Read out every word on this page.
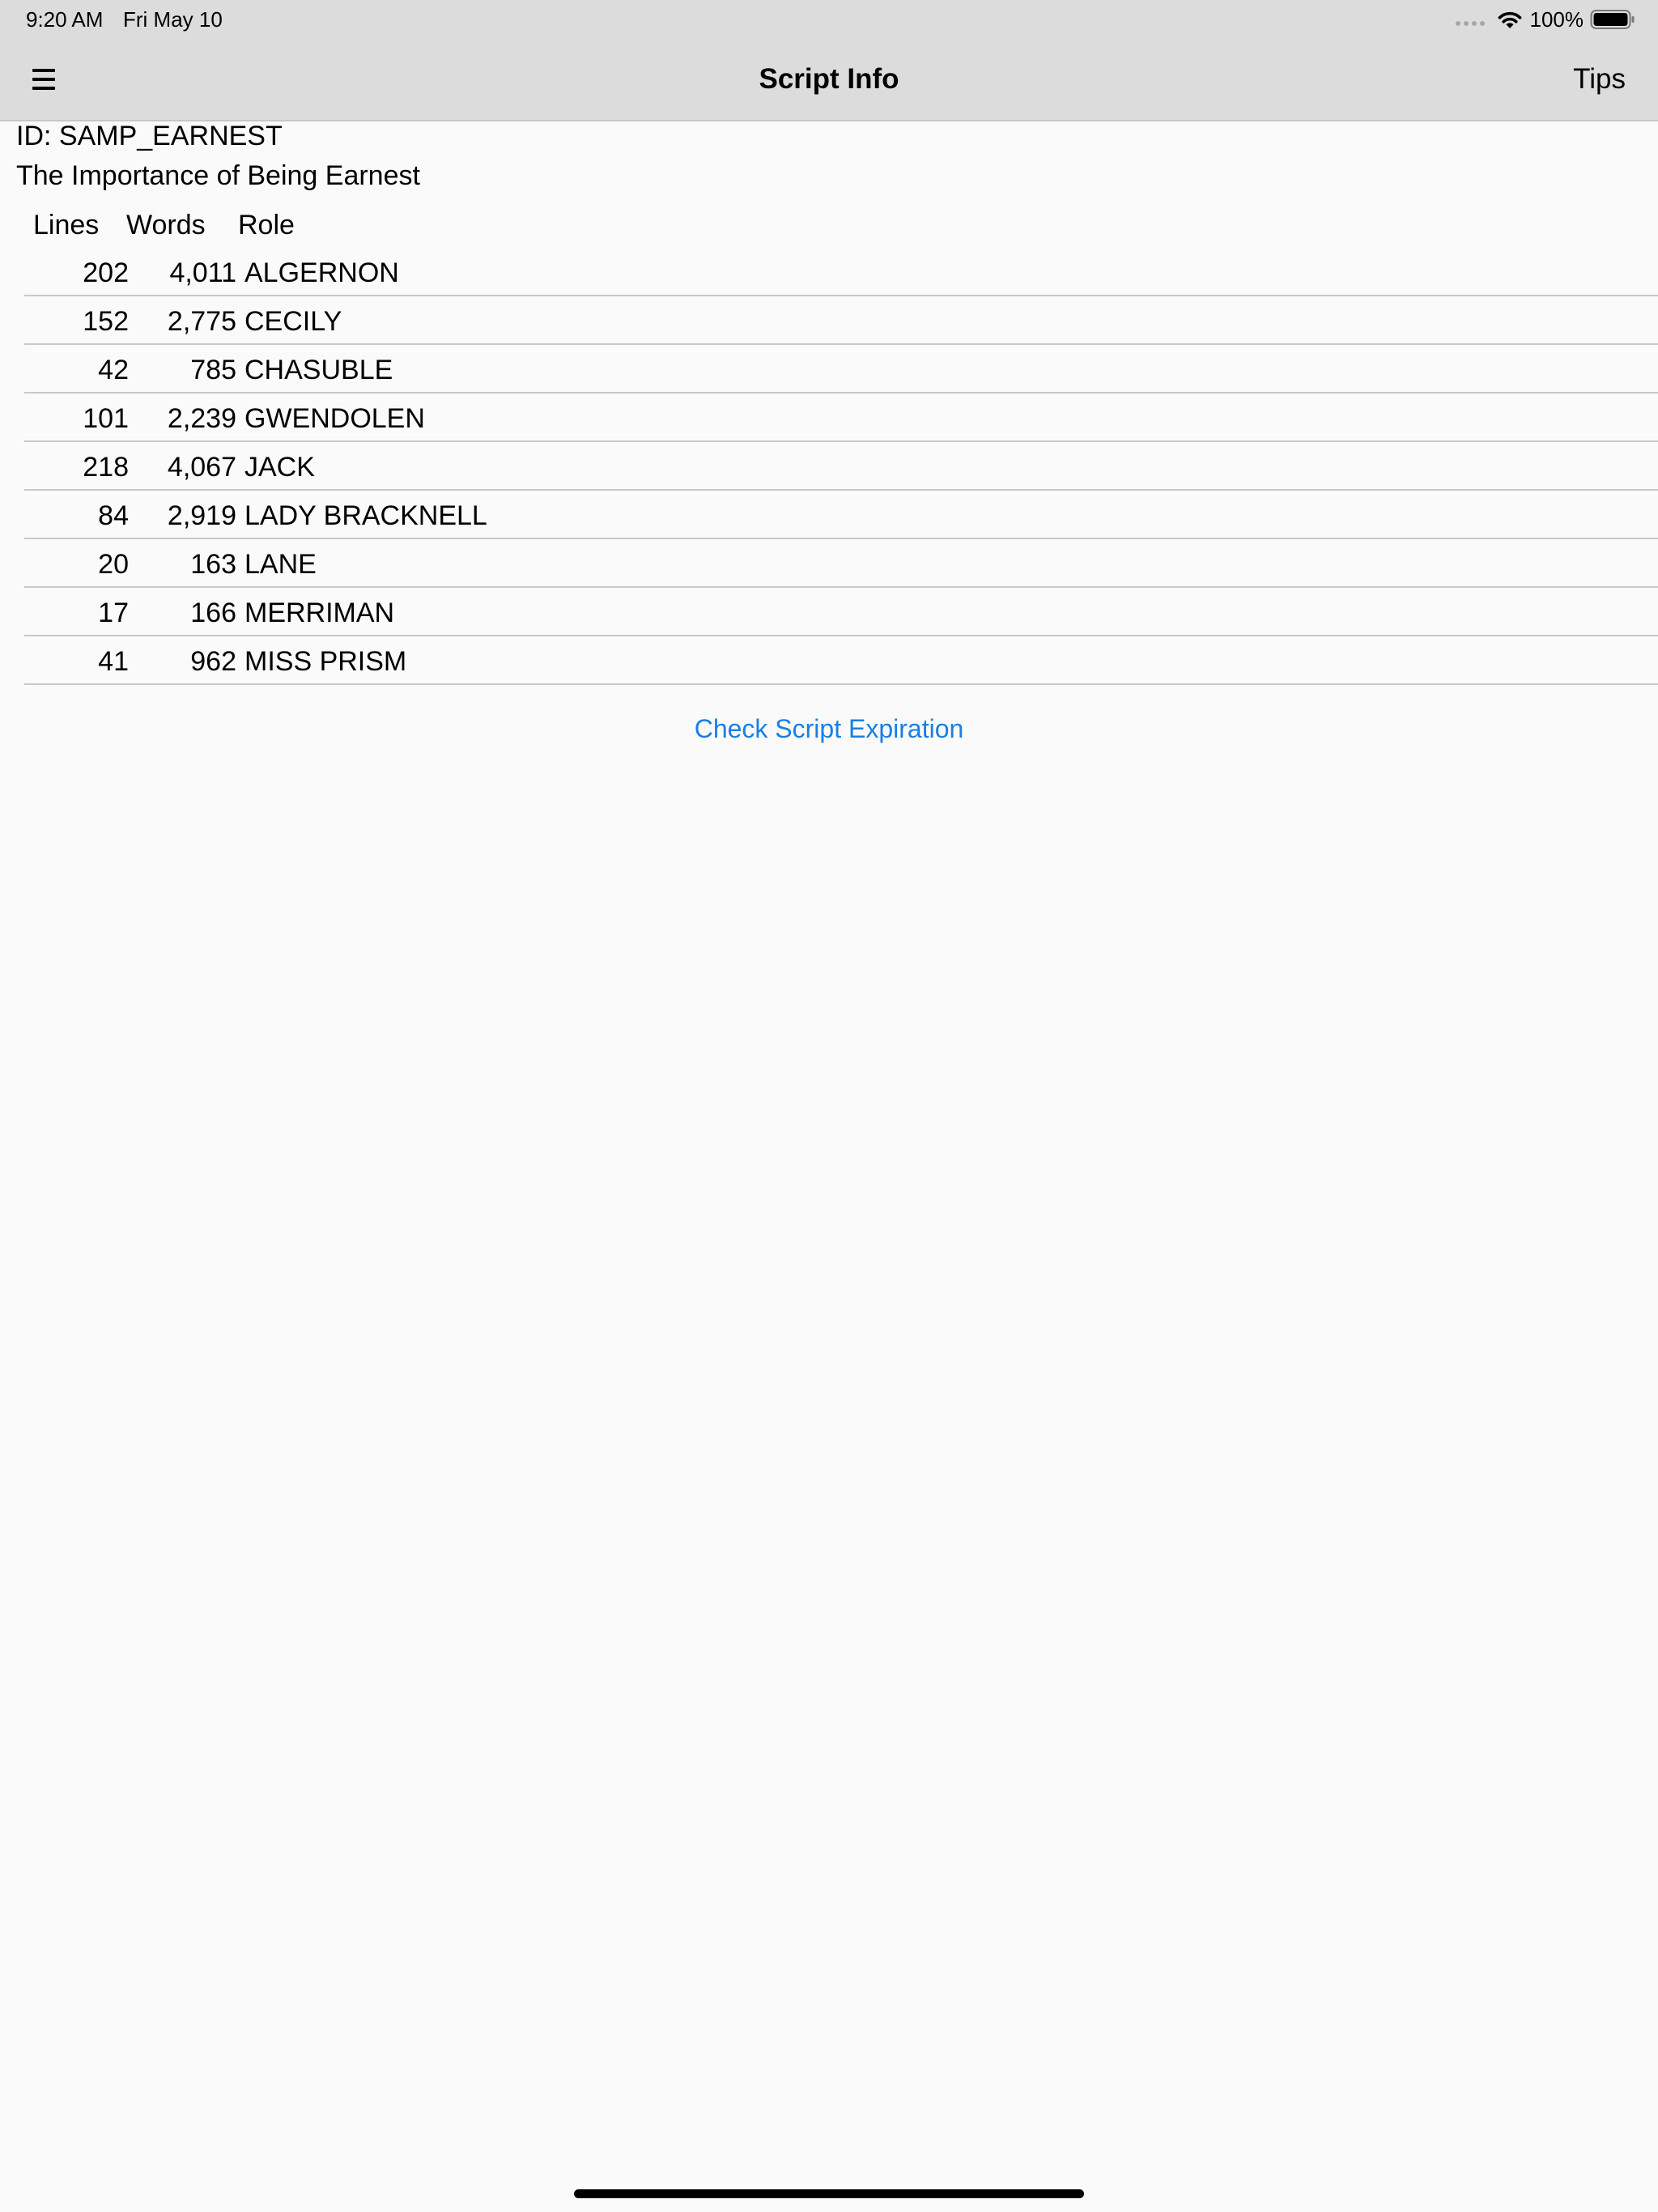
9:20 AM Fri May 10	100%
Script Info	Tips
ID: SAMP_EARNEST
The Importance of Being Earnest
Lines Words Role
202 4,011 ALGERNON
152 2,775 CECILY
42 785 CHASUBLE
101 2,239 GWENDOLEN
218 4,067 JACK
84 2,919 LADY BRACKNELL
20 163 LANE
17 166 MERRIMAN
41 962 MISS PRISM
Check Script Expiration
